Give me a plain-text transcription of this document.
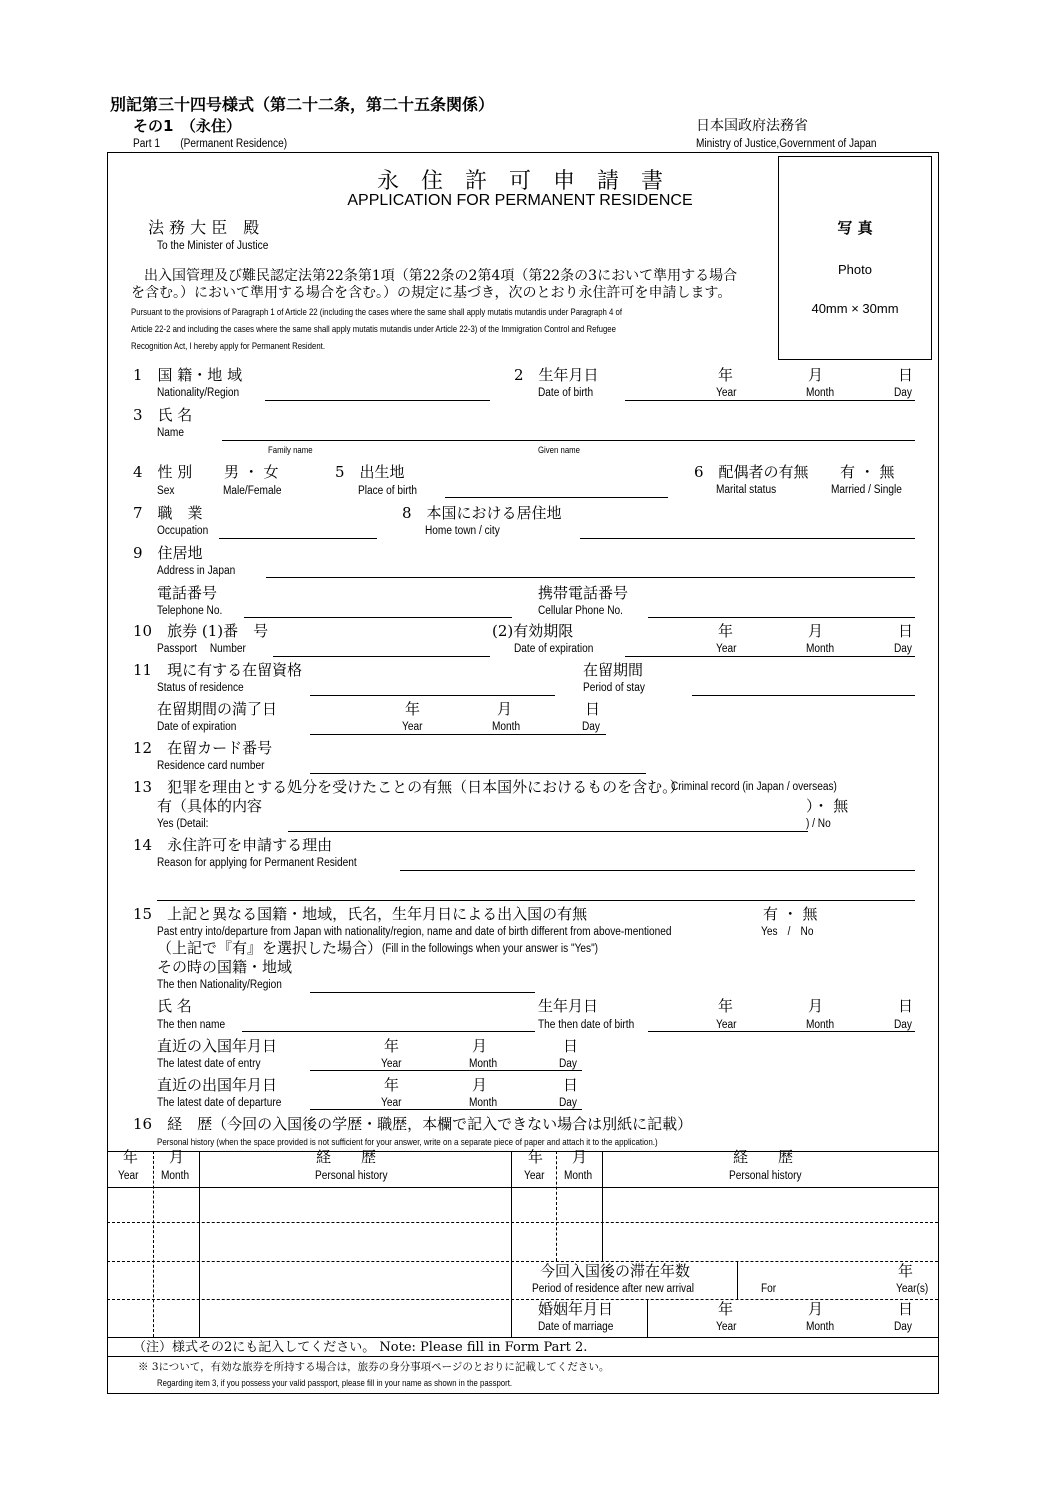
別記第三十四号様式（第二十二条，第二十五条関係）
その1　（永住）
Part 1　　(Permanent Residence)
日本国政府法務省
Ministry of Justice,Government of Japan
永　住　許　可　申　請　書
APPLICATION FOR PERMANENT RESIDENCE
写 真
Photo
40mm × 30mm
法 務 大 臣　殿
To the Minister of Justice
出入国管理及び難民認定法第22条第1項（第22条の2第4項（第22条の3において準用する場合
を含む。）において準用する場合を含む。）の規定に基づき，次のとおり永住許可を申請します。
Pursuant to the provisions of Paragraph 1 of Article 22 (including the cases where the same shall apply mutatis mutandis under Paragraph 4 of
Article 22-2 and including the cases where the same shall apply mutatis mutandis under Article 22-3) of the Immigration Control and Refugee
Recognition Act, I hereby apply for Permanent Resident.
1　国 籍・地 域
Nationality/Region
2　生年月日
Date of birth
年
Year
月
Month
日
Day
3　氏 名
Name
Family name	Given name
4　性 別
Sex
男 ・ 女
Male/Female
5　出生地
Place of birth
6　配偶者の有無
Marital status
有 ・ 無
Married / Single
7　職　業
Occupation
8　本国における居住地
Home town / city
9　住居地
Address in Japan
電話番号
Telephone No.
携帯電話番号
Cellular Phone No.
10　旅券 (1)番　号
Passport　 Number
(2)有効期限
Date of expiration
年
Year
月
Month
日
Day
11　現に有する在留資格
Status of residence
在留期間
Period of stay
在留期間の満了日
Date of expiration
年
Year
月
Month
日
Day
12　在留カード番号
Residence card number
13　犯罪を理由とする処分を受けたことの有無（日本国外におけるものを含む。）
Criminal record (in Japan / overseas)
有（具体的内容
Yes (Detail:
）・ 無
) / No
14　永住許可を申請する理由
Reason for applying for Permanent Resident
15　上記と異なる国籍・地域，氏名，生年月日による出入国の有無
Past entry into/departure from Japan with nationality/region, name and date of birth different from above-mentioned
有 ・ 無
Yes　/　No
（上記で『有』を選択した場合） (Fill in the followings when your answer is "Yes")
その時の国籍・地域
The then Nationality/Region
氏 名
The then name
生年月日
The then date of birth
年
Year
月
Month
日
Day
直近の入国年月日
The latest date of entry
年
Year
月
Month
日
Day
直近の出国年月日
The latest date of departure
年
Year
月
Month
日
Day
16　経　歴（今回の入国後の学歴・職歴，本欄で記入できない場合は別紙に記載）
Personal history (when the space provided is not sufficient for your answer, write on a separate piece of paper and attach it to the application.)
年
Year
月
Month
経　　歴
Personal history
年
Year
月
Month
経　　歴
Personal history
今回入国後の滞在年数
Period of residence after new arrival	For
年
Year(s)
婚姻年月日
Date of marriage
年
Year
月
Month
日
Day
（注）様式その2にも記入してください。 Note: Please fill in Form Part 2.
※ 3について，有効な旅券を所持する場合は，旅券の身分事項ページのとおりに記載してください。
Regarding item 3, if you possess your valid passport, please fill in your name as shown in the passport.
